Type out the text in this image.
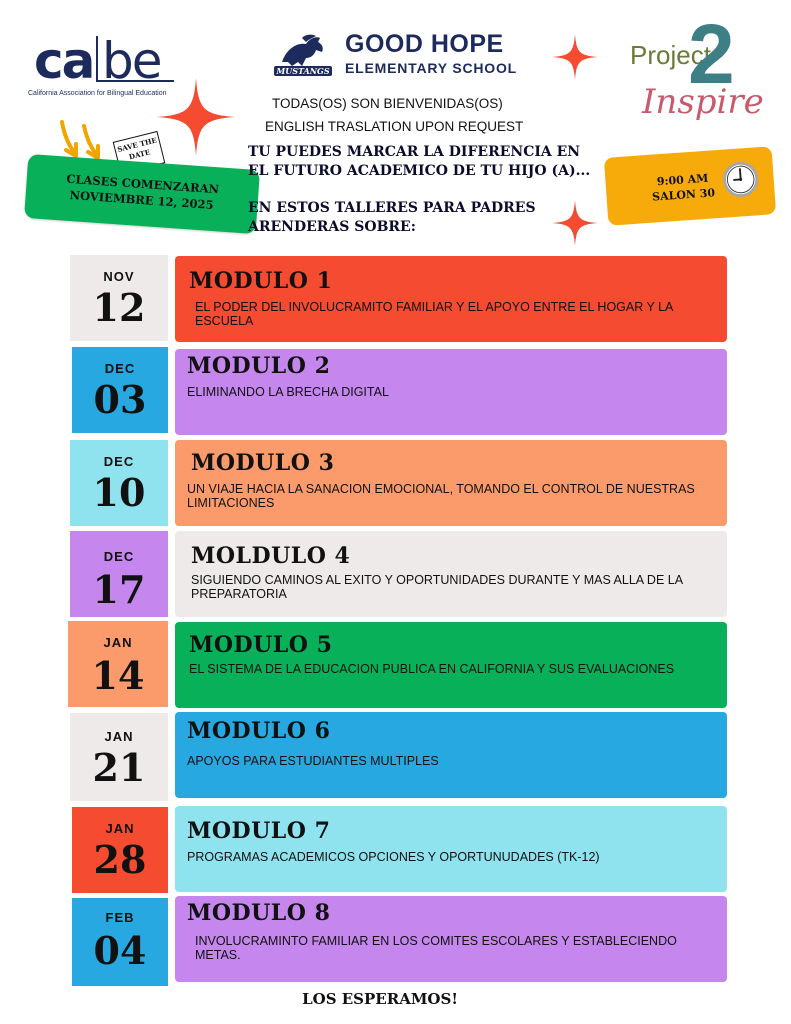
ca be
California Association for Bilingual Education
MUSTANGS
GOOD HOPE
ELEMENTARY SCHOOL
TODAS(OS) SON BIENVENIDAS(OS)
ENGLISH TRASLATION UPON REQUEST
Project
2
Inspire
SAVE THE DATE
CLASES COMENZARAN NOVIEMBRE 12, 2025
9:00 AM
SALON 30
TU PUEDES MARCAR LA DIFERENCIA EN EL FUTURO ACADEMICO DE TU HIJO (A)...
EN ESTOS TALLERES PARA PADRES ARENDERAS SOBRE:
NOV
12
MODULO 1
EL PODER DEL INVOLUCRAMITO FAMILIAR Y EL APOYO ENTRE EL HOGAR Y LA ESCUELA
DEC
03
MODULO 2
ELIMINANDO LA BRECHA DIGITAL
DEC
10
MODULO 3
UN VIAJE HACIA LA SANACION EMOCIONAL, TOMANDO EL CONTROL DE NUESTRAS LIMITACIONES
DEC
17
MOLDULO 4
SIGUIENDO CAMINOS AL EXITO Y OPORTUNIDADES DURANTE Y MAS ALLA DE LA PREPARATORIA
JAN
14
MODULO 5
EL SISTEMA DE LA EDUCACION PUBLICA EN CALIFORNIA Y SUS EVALUACIONES
JAN
21
MODULO 6
APOYOS PARA ESTUDIANTES MULTIPLES
JAN
28
MODULO 7
PROGRAMAS ACADEMICOS OPCIONES Y OPORTUNUDADES (TK-12)
FEB
04
MODULO 8
INVOLUCRAMINTO FAMILIAR EN LOS COMITES ESCOLARES Y ESTABLECIENDO METAS.
LOS ESPERAMOS!
